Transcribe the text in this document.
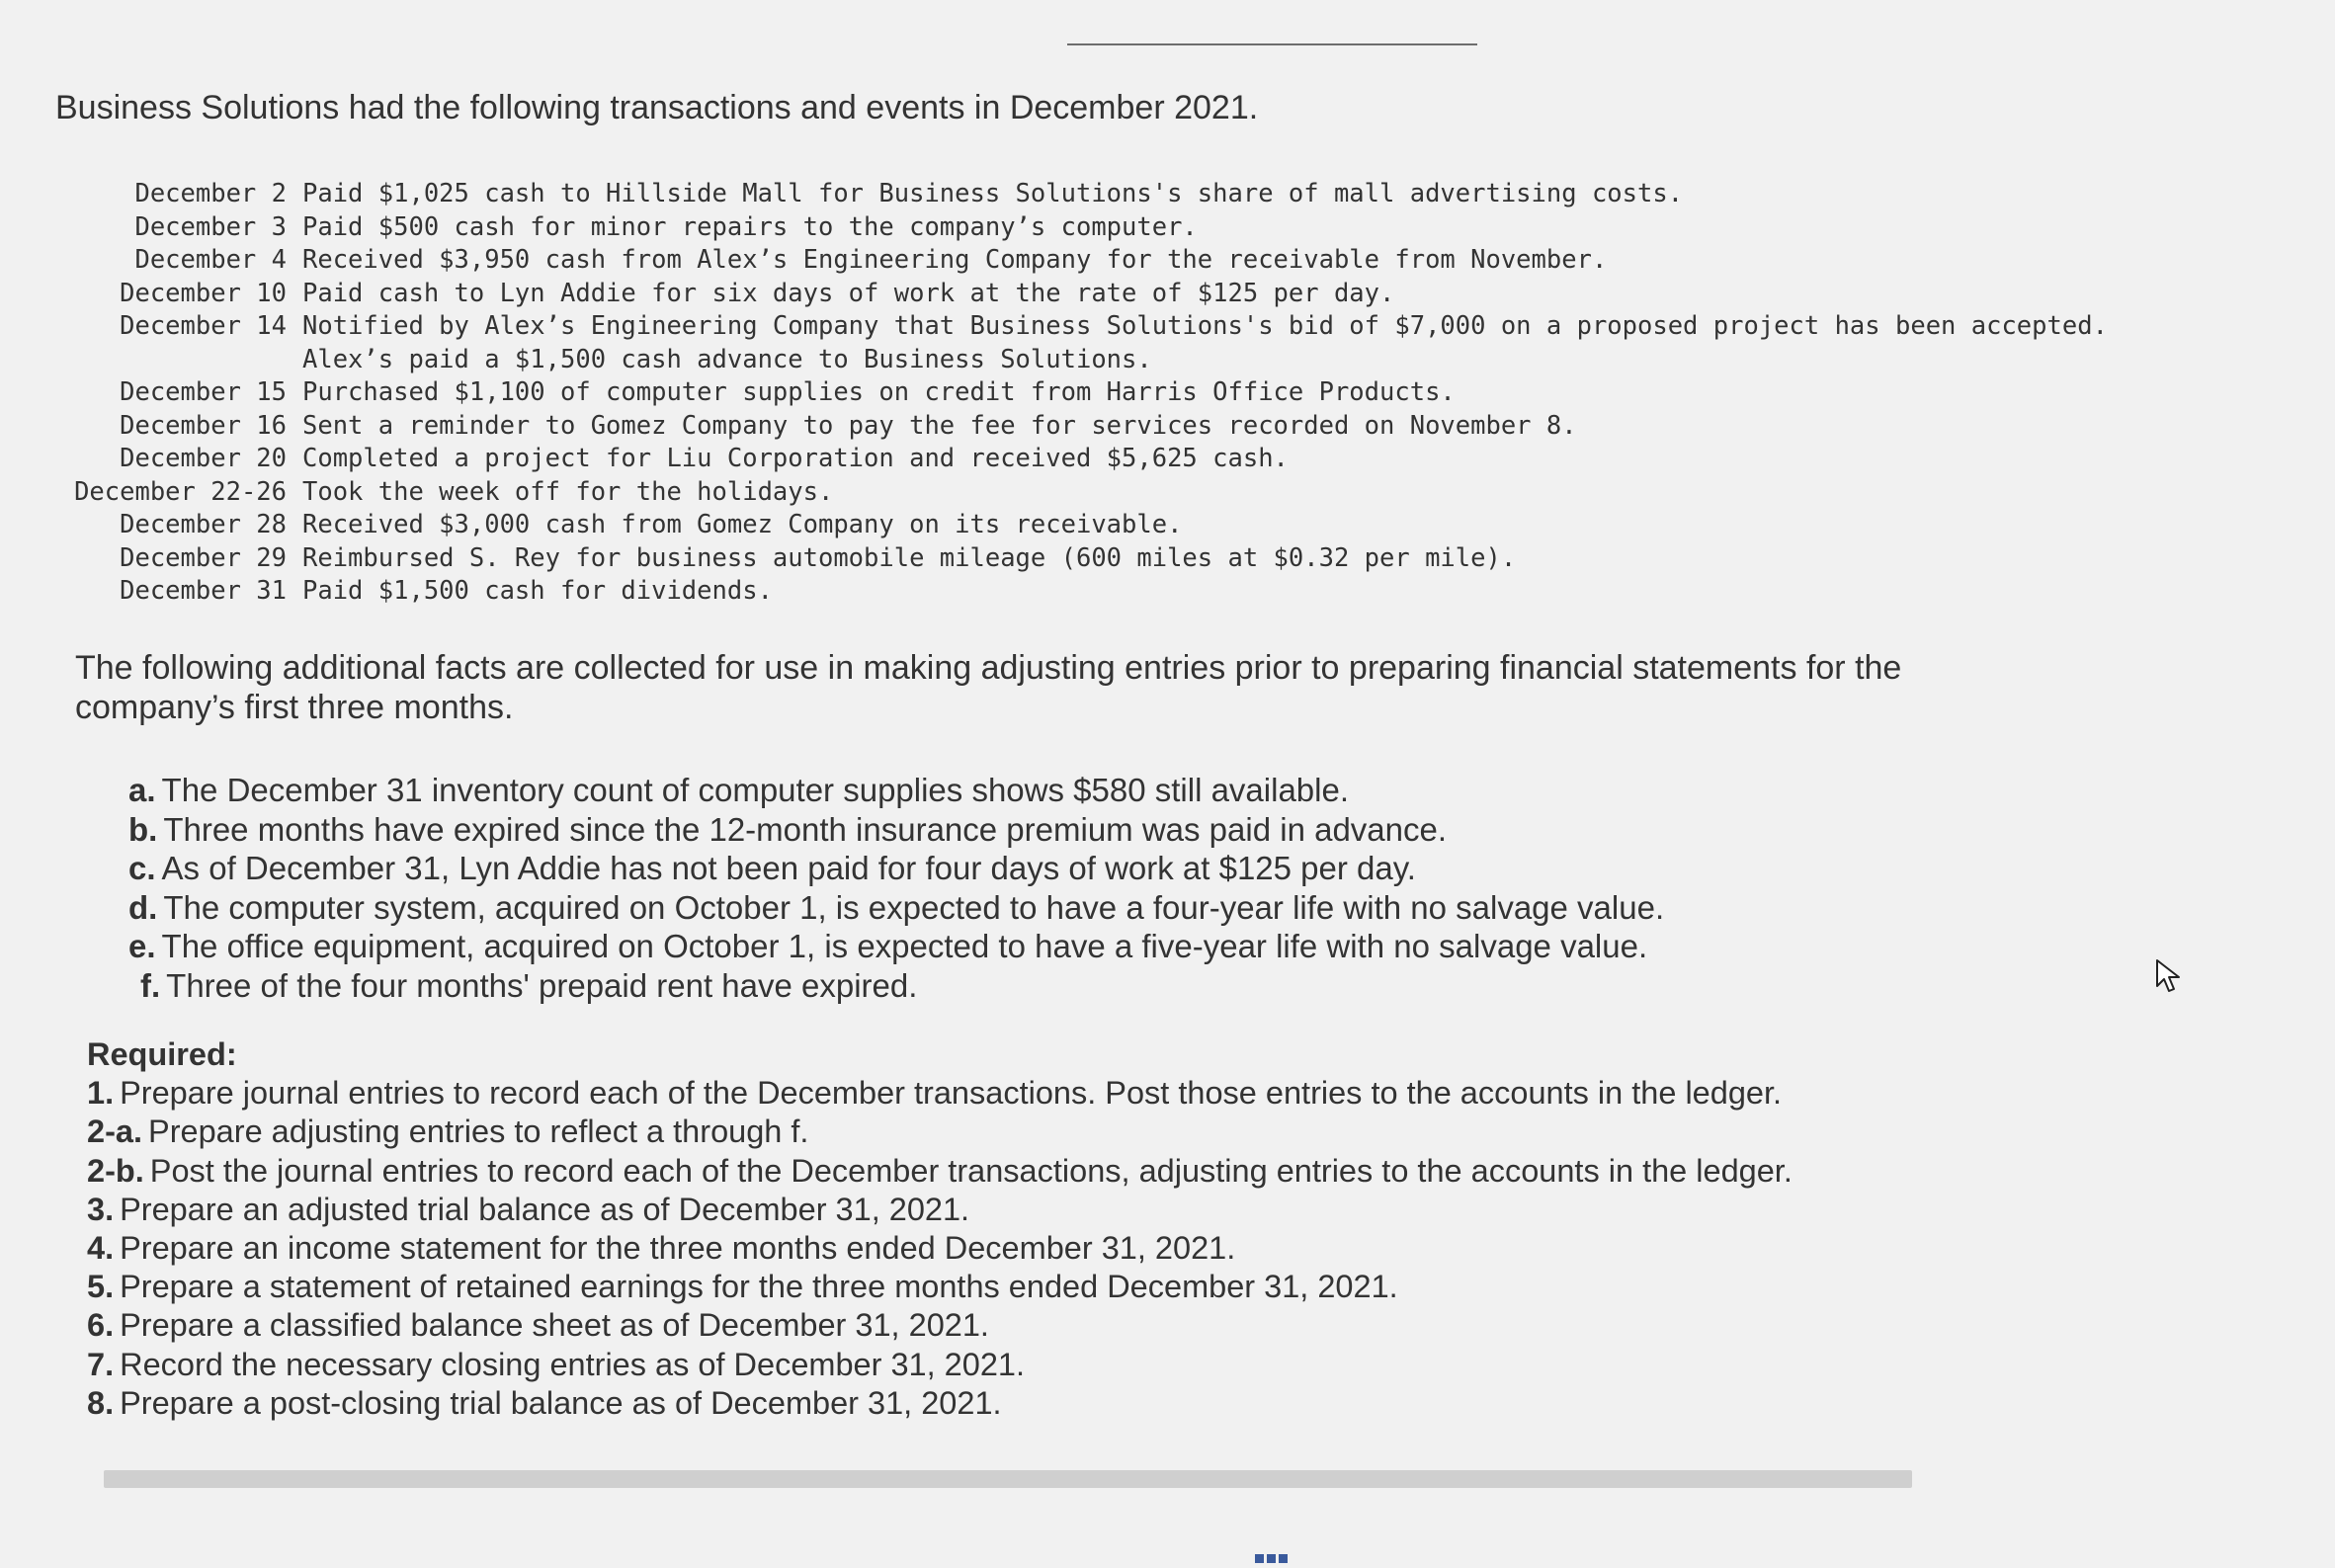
Business Solutions had the following transactions and events in December 2021.
December 2 Paid $1,025 cash to Hillside Mall for Business Solutions's share of mall advertising costs.
December 3 Paid $500 cash for minor repairs to the company’s computer.
December 4 Received $3,950 cash from Alex’s Engineering Company for the receivable from November.
December 10 Paid cash to Lyn Addie for six days of work at the rate of $125 per day.
December 14 Notified by Alex’s Engineering Company that Business Solutions's bid of $7,000 on a proposed project has been accepted. Alex’s paid a $1,500 cash advance to Business Solutions.
December 15 Purchased $1,100 of computer supplies on credit from Harris Office Products.
December 16 Sent a reminder to Gomez Company to pay the fee for services recorded on November 8.
December 20 Completed a project for Liu Corporation and received $5,625 cash.
December 22-26 Took the week off for the holidays.
December 28 Received $3,000 cash from Gomez Company on its receivable.
December 29 Reimbursed S. Rey for business automobile mileage (600 miles at $0.32 per mile).
December 31 Paid $1,500 cash for dividends.
The following additional facts are collected for use in making adjusting entries prior to preparing financial statements for the company’s first three months.
a. The December 31 inventory count of computer supplies shows $580 still available.
b. Three months have expired since the 12-month insurance premium was paid in advance.
c. As of December 31, Lyn Addie has not been paid for four days of work at $125 per day.
d. The computer system, acquired on October 1, is expected to have a four-year life with no salvage value.
e. The office equipment, acquired on October 1, is expected to have a five-year life with no salvage value.
f. Three of the four months' prepaid rent have expired.
Required:
1. Prepare journal entries to record each of the December transactions. Post those entries to the accounts in the ledger.
2-a. Prepare adjusting entries to reflect a through f.
2-b. Post the journal entries to record each of the December transactions, adjusting entries to the accounts in the ledger.
3. Prepare an adjusted trial balance as of December 31, 2021.
4. Prepare an income statement for the three months ended December 31, 2021.
5. Prepare a statement of retained earnings for the three months ended December 31, 2021.
6. Prepare a classified balance sheet as of December 31, 2021.
7. Record the necessary closing entries as of December 31, 2021.
8. Prepare a post-closing trial balance as of December 31, 2021.
